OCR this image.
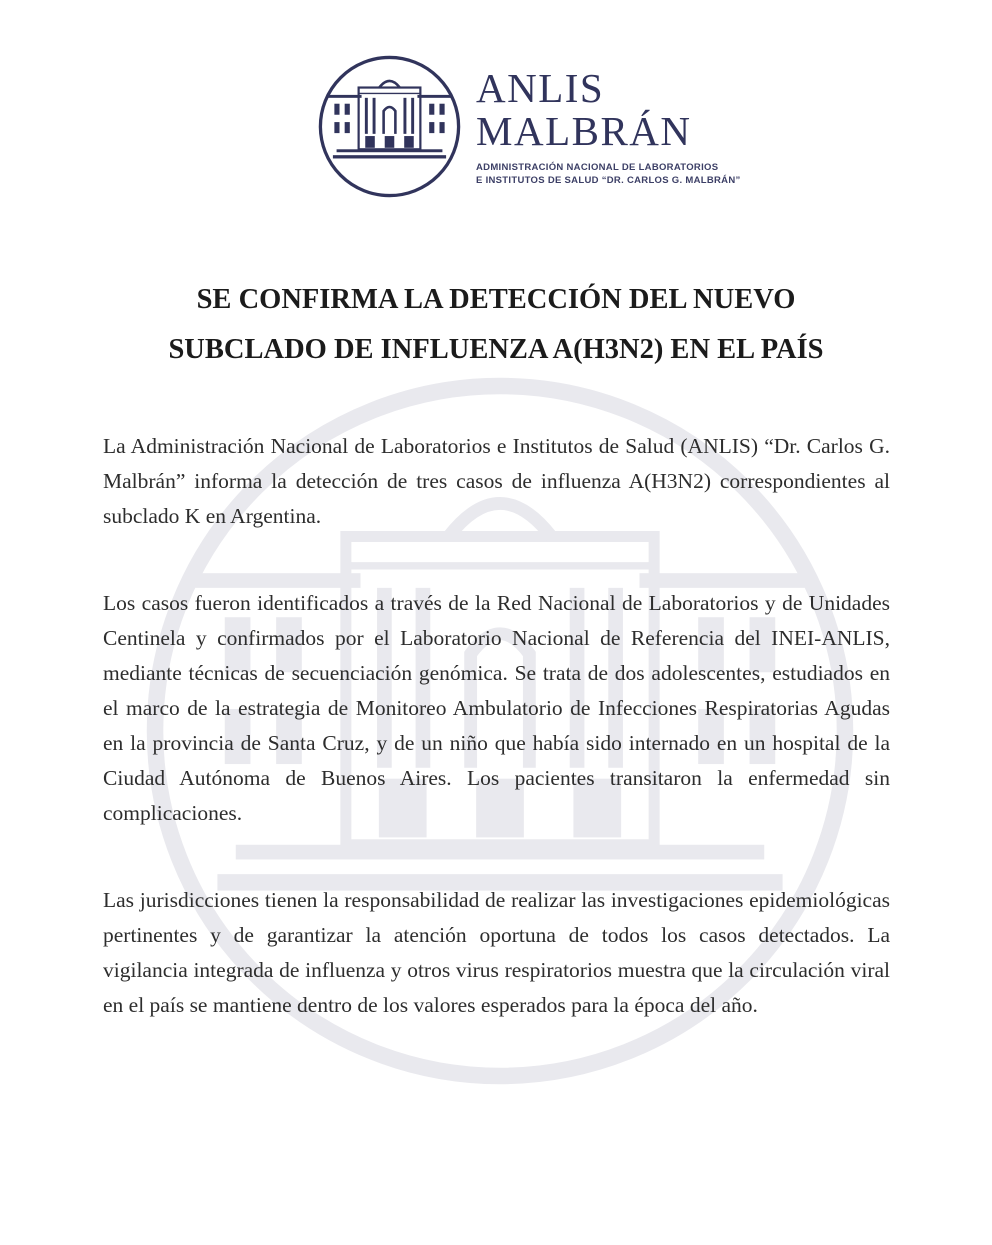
ANLIS
MALBRÁN
ADMINISTRACIÓN NACIONAL DE LABORATORIOS
E INSTITUTOS DE SALUD “DR. CARLOS G. MALBRÁN”
SE CONFIRMA LA DETECCIÓN DEL NUEVO
SUBCLADO DE INFLUENZA A(H3N2) EN EL PAÍS

La Administración Nacional de Laboratorios e Institutos de Salud (ANLIS) “Dr. Carlos G. Malbrán” informa la detección de tres casos de influenza A(H3N2) correspondientes al subclado K en Argentina.

Los casos fueron identificados a través de la Red Nacional de Laboratorios y de Unidades Centinela y confirmados por el Laboratorio Nacional de Referencia del INEI-ANLIS, mediante técnicas de secuenciación genómica. Se trata de dos adolescentes, estudiados en el marco de la estrategia de Monitoreo Ambulatorio de Infecciones Respiratorias Agudas en la provincia de Santa Cruz, y de un niño que había sido internado en un hospital de la Ciudad Autónoma de Buenos Aires. Los pacientes transitaron la enfermedad sin complicaciones.

Las jurisdicciones tienen la responsabilidad de realizar las investigaciones epidemiológicas pertinentes y de garantizar la atención oportuna de todos los casos detectados. La vigilancia integrada de influenza y otros virus respiratorios muestra que la circulación viral en el país se mantiene dentro de los valores esperados para la época del año.
